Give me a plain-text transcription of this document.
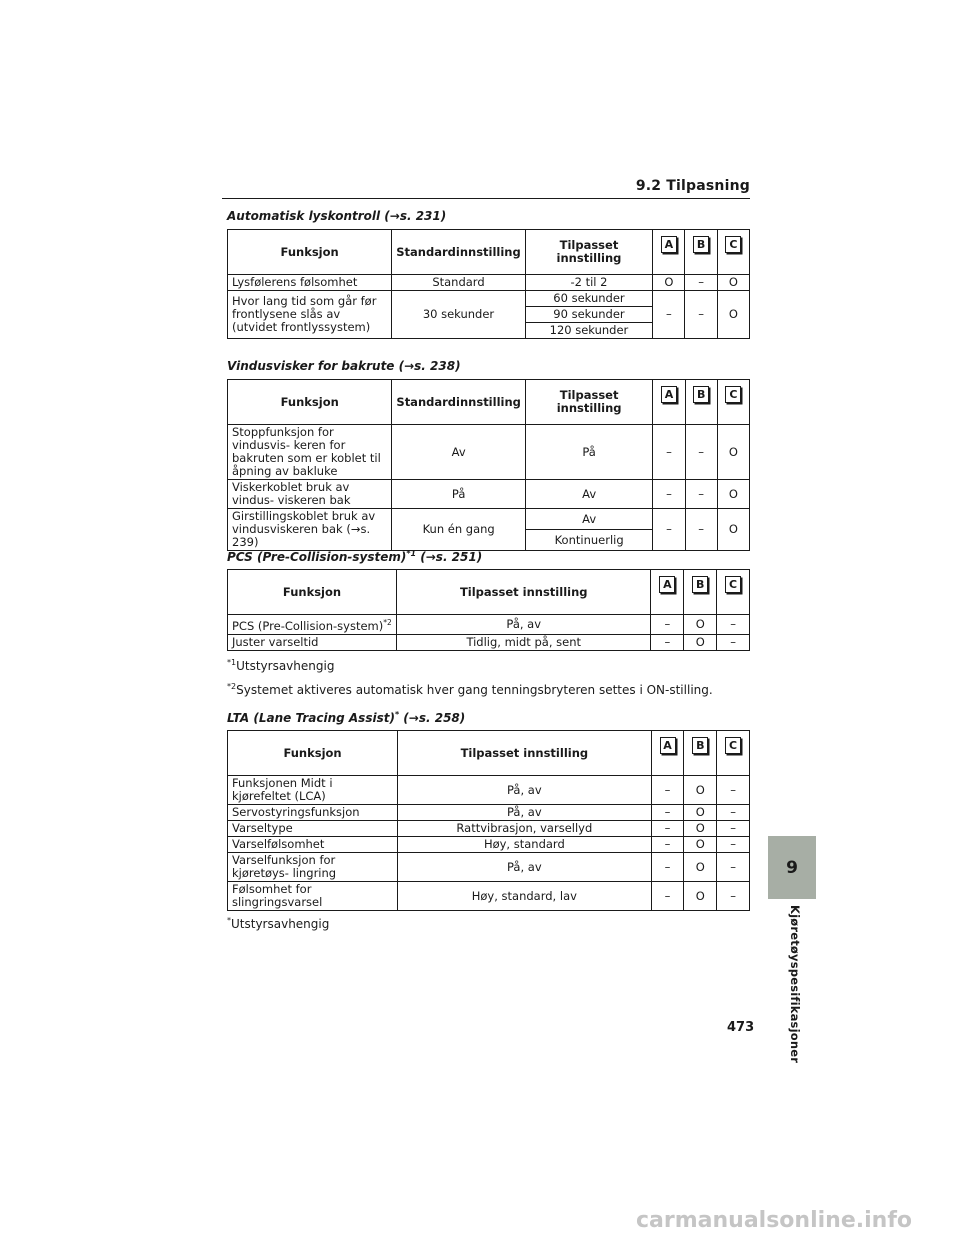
9.2 Tilpasning
Automatisk lyskontroll (→s. 231)
Funksjon	Standardinnstilling	Tilpasset innstilling	A	B	C
Lysfølerens følsomhet	Standard	-2 til 2	O	–	O
Hvor lang tid som går før frontlysene slås av (utvidet frontlyssystem)	30 sekunder	60 sekunder	–	–	O
		90 sekunder			
		120 sekunder			
Vindusvisker for bakrute (→s. 238)
Funksjon	Standardinnstilling	Tilpasset innstilling	A	B	C
Stoppfunksjon for vindusvis- keren for bakruten som er koblet til åpning av bakluke	Av	På	–	–	O
Viskerkoblet bruk av vindus- viskeren bak	På	Av	–	–	O
Girstillingskoblet bruk av vindusviskeren bak (→s. 239)	Kun én gang	Av	–	–	O
		Kontinuerlig			
PCS (Pre-Collision-system)$^{*1}$ (→s. 251)
Funksjon	Tilpasset innstilling	A	B	C
PCS (Pre-Collision-system)$^{*2}$	På, av	–	O	–
Juster varseltid	Tidlig, midt på, sent	–	O	–
$^{*1}$Utstyrsavhengig
$^{*2}$Systemet aktiveres automatisk hver gang tenningsbryteren settes i ON-stilling.
LTA (Lane Tracing Assist)* (→s. 258)
Funksjon	Tilpasset innstilling	A	B	C
Funksjonen Midt i kjørefeltet (LCA)	På, av	–	O	–
Servostyringsfunksjon	På, av	–	O	–
Varseltype	Rattvibrasjon, varsellyd	–	O	–
Varselfølsomhet	Høy, standard	–	O	–
Varselfunksjon for kjøretøys- lingring	På, av	–	O	–
Følsomhet for slingringsvarsel	Høy, standard, lav	–	O	–
*Utstyrsavhengig
9
Kjøretøyspesifikasjoner
473
carmanualsonline.info
